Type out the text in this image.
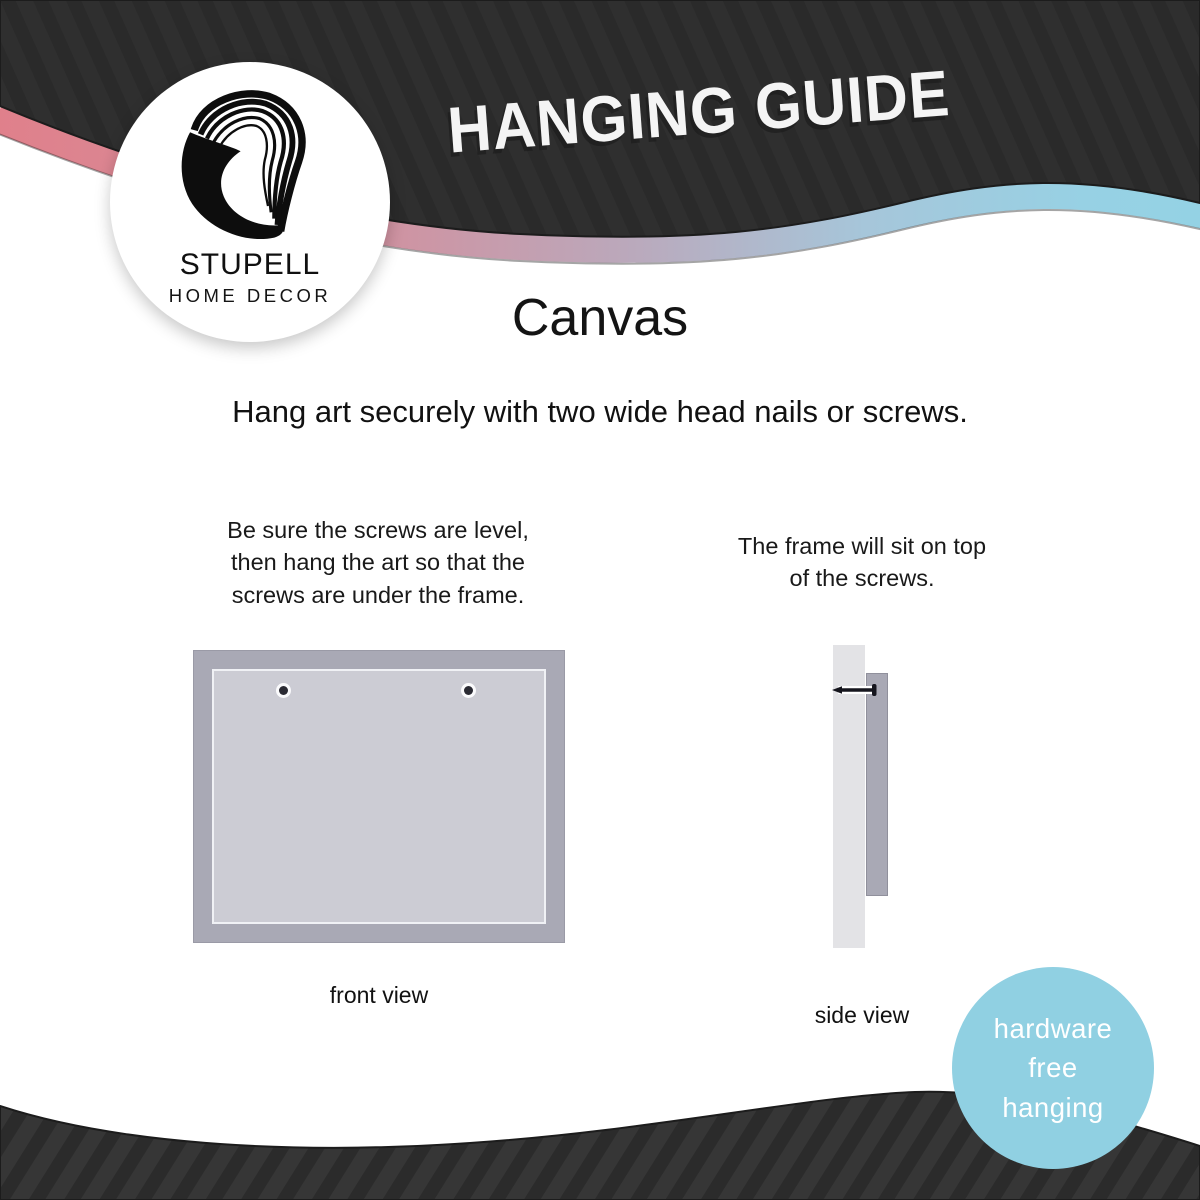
HANGING GUIDE
STUPELL
HOME DECOR	Canvas
Hang art securely with two wide head nails or screws.
Be sure the screws are level,
then hang the art so that the
screws are under the frame.
front view
The frame will sit on top
of the screws.
side view	hardware
free
hanging
